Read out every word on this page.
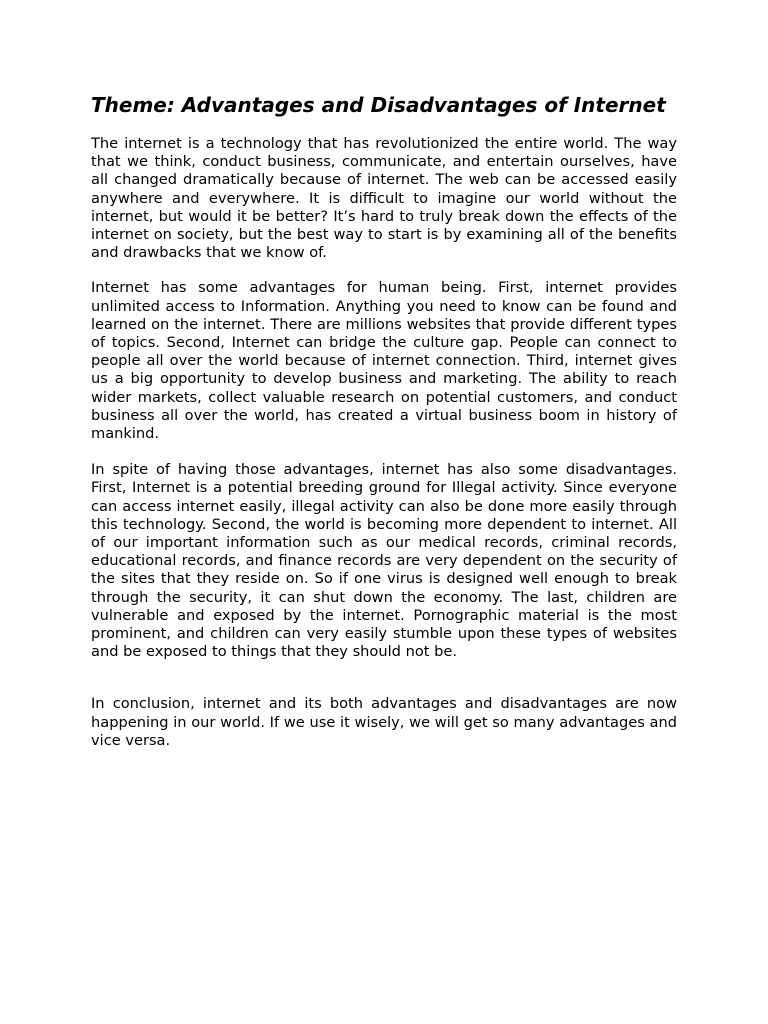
Theme: Advantages and Disadvantages of Internet

The internet is a technology that has revolutionized the entire world. The way that we think, conduct business, communicate, and entertain ourselves, have all changed dramatically because of internet. The web can be accessed easily anywhere and everywhere. It is difficult to imagine our world without the internet, but would it be better? It’s hard to truly break down the effects of the internet on society, but the best way to start is by examining all of the benefits and drawbacks that we know of.

Internet has some advantages for human being. First, internet provides unlimited access to Information. Anything you need to know can be found and learned on the internet. There are millions websites that provide different types of topics. Second, Internet can bridge the culture gap. People can connect to people all over the world because of internet connection. Third, internet gives us a big opportunity to develop business and marketing. The ability to reach wider markets, collect valuable research on potential customers, and conduct business all over the world, has created a virtual business boom in history of mankind.

In spite of having those advantages, internet has also some disadvantages. First, Internet is a potential breeding ground for Illegal activity. Since everyone can access internet easily, illegal activity can also be done more easily through this technology. Second, the world is becoming more dependent to internet. All of our important information such as our medical records, criminal records, educational records, and finance records are very dependent on the security of the sites that they reside on. So if one virus is designed well enough to break through the security, it can shut down the economy. The last, children are vulnerable and exposed by the internet. Pornographic material is the most prominent, and children can very easily stumble upon these types of websites and be exposed to things that they should not be.

In conclusion, internet and its both advantages and disadvantages are now happening in our world. If we use it wisely, we will get so many advantages and vice versa.
